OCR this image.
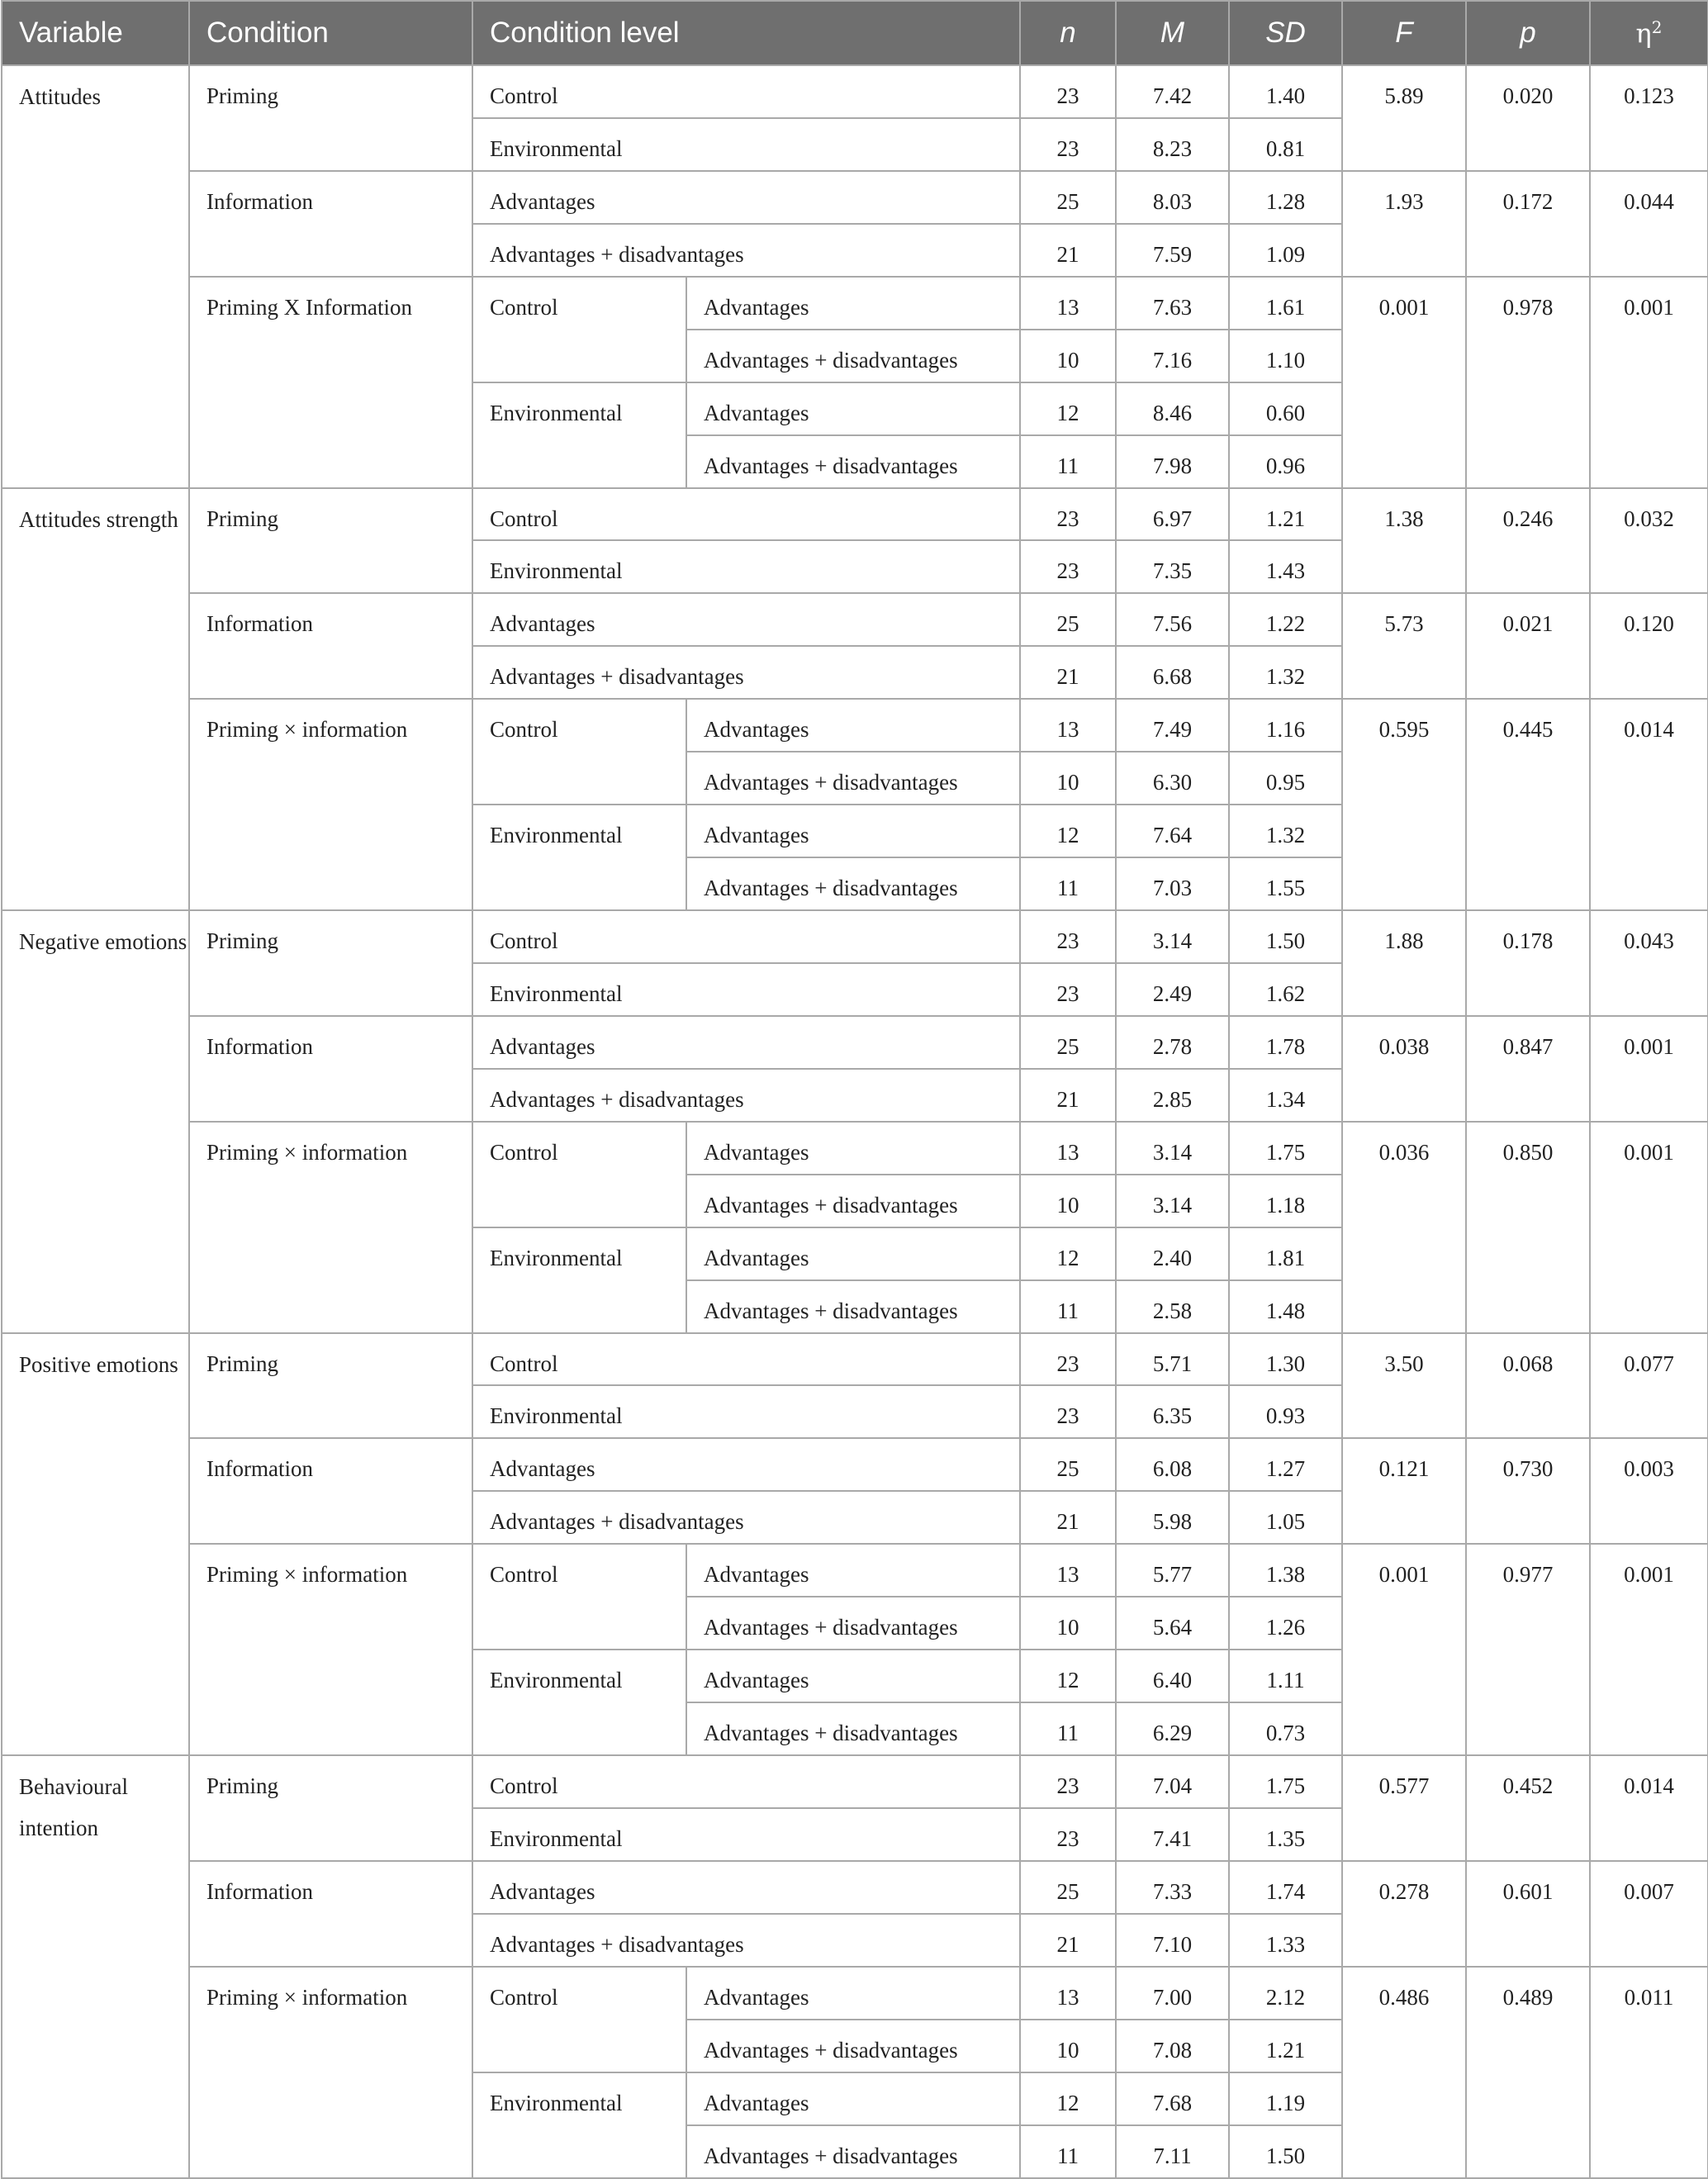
Variable	Condition	Condition level		n	M	SD	F	p	$\eta^2$
Attitudes	Priming	Control		23	7.42	1.40	5.89	0.020	0.123
		Environmental		23	8.23	0.81			
	Information	Advantages		25	8.03	1.28	1.93	0.172	0.044
		Advantages + disadvantages		21	7.59	1.09			
	Priming X Information	Control	Advantages	13	7.63	1.61	0.001	0.978	0.001
			Advantages + disadvantages	10	7.16	1.10			
		Environmental	Advantages	12	8.46	0.60			
			Advantages + disadvantages	11	7.98	0.96			
Attitudes strength	Priming	Control		23	6.97	1.21	1.38	0.246	0.032
		Environmental		23	7.35	1.43			
	Information	Advantages		25	7.56	1.22	5.73	0.021	0.120
		Advantages + disadvantages		21	6.68	1.32			
	Priming × information	Control	Advantages	13	7.49	1.16	0.595	0.445	0.014
			Advantages + disadvantages	10	6.30	0.95			
		Environmental	Advantages	12	7.64	1.32			
			Advantages + disadvantages	11	7.03	1.55			
Negative emotions	Priming	Control		23	3.14	1.50	1.88	0.178	0.043
		Environmental		23	2.49	1.62			
	Information	Advantages		25	2.78	1.78	0.038	0.847	0.001
		Advantages + disadvantages		21	2.85	1.34			
	Priming × information	Control	Advantages	13	3.14	1.75	0.036	0.850	0.001
			Advantages + disadvantages	10	3.14	1.18			
		Environmental	Advantages	12	2.40	1.81			
			Advantages + disadvantages	11	2.58	1.48			
Positive emotions	Priming	Control		23	5.71	1.30	3.50	0.068	0.077
		Environmental		23	6.35	0.93			
	Information	Advantages		25	6.08	1.27	0.121	0.730	0.003
		Advantages + disadvantages		21	5.98	1.05			
	Priming × information	Control	Advantages	13	5.77	1.38	0.001	0.977	0.001
			Advantages + disadvantages	10	5.64	1.26			
		Environmental	Advantages	12	6.40	1.11			
			Advantages + disadvantages	11	6.29	0.73			
Behavioural intention	Priming	Control		23	7.04	1.75	0.577	0.452	0.014
		Environmental		23	7.41	1.35			
	Information	Advantages		25	7.33	1.74	0.278	0.601	0.007
		Advantages + disadvantages		21	7.10	1.33			
	Priming × information	Control	Advantages	13	7.00	2.12	0.486	0.489	0.011
			Advantages + disadvantages	10	7.08	1.21			
		Environmental	Advantages	12	7.68	1.19			
			Advantages + disadvantages	11	7.11	1.50			
